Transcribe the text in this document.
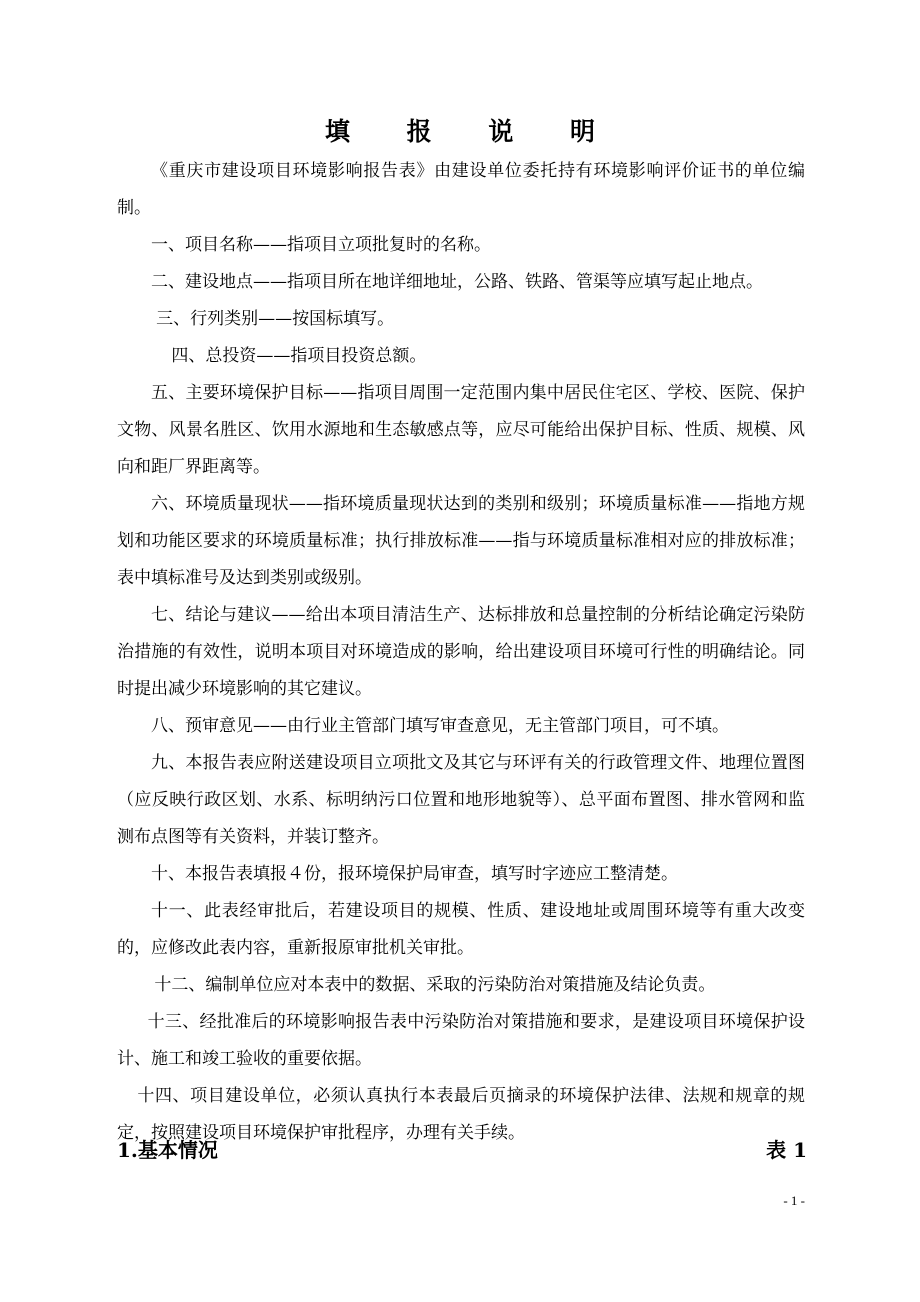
填 报 说 明

《重庆市建设项目环境影响报告表》由建设单位委托持有环境影响评价证书的单位编制。

一、项目名称——指项目立项批复时的名称。

二、建设地点——指项目所在地详细地址，公路、铁路、管渠等应填写起止地点。

三、行列类别——按国标填写。

四、总投资——指项目投资总额。

五、主要环境保护目标——指项目周围一定范围内集中居民住宅区、学校、医院、保护文物、风景名胜区、饮用水源地和生态敏感点等，应尽可能给出保护目标、性质、规模、风向和距厂界距离等。

六、环境质量现状——指环境质量现状达到的类别和级别；环境质量标准——指地方规划和功能区要求的环境质量标准；执行排放标准——指与环境质量标准相对应的排放标准；表中填标准号及达到类别或级别。

七、结论与建议——给出本项目清洁生产、达标排放和总量控制的分析结论确定污染防治措施的有效性，说明本项目对环境造成的影响，给出建设项目环境可行性的明确结论。同时提出减少环境影响的其它建议。

八、预审意见——由行业主管部门填写审查意见，无主管部门项目，可不填。

九、本报告表应附送建设项目立项批文及其它与环评有关的行政管理文件、地理位置图（应反映行政区划、水系、标明纳污口位置和地形地貌等）、总平面布置图、排水管网和监测布点图等有关资料，并装订整齐。

十、本报告表填报４份，报环境保护局审查，填写时字迹应工整清楚。

十一、此表经审批后，若建设项目的规模、性质、建设地址或周围环境等有重大改变的，应修改此表内容，重新报原审批机关审批。

十二、编制单位应对本表中的数据、采取的污染防治对策措施及结论负责。

十三、经批准后的环境影响报告表中污染防治对策措施和要求，是建设项目环境保护设计、施工和竣工验收的重要依据。

十四、项目建设单位，必须认真执行本表最后页摘录的环境保护法律、法规和规章的规定，按照建设项目环境保护审批程序，办理有关手续。

1.基本情况	表 1
- 1 -
